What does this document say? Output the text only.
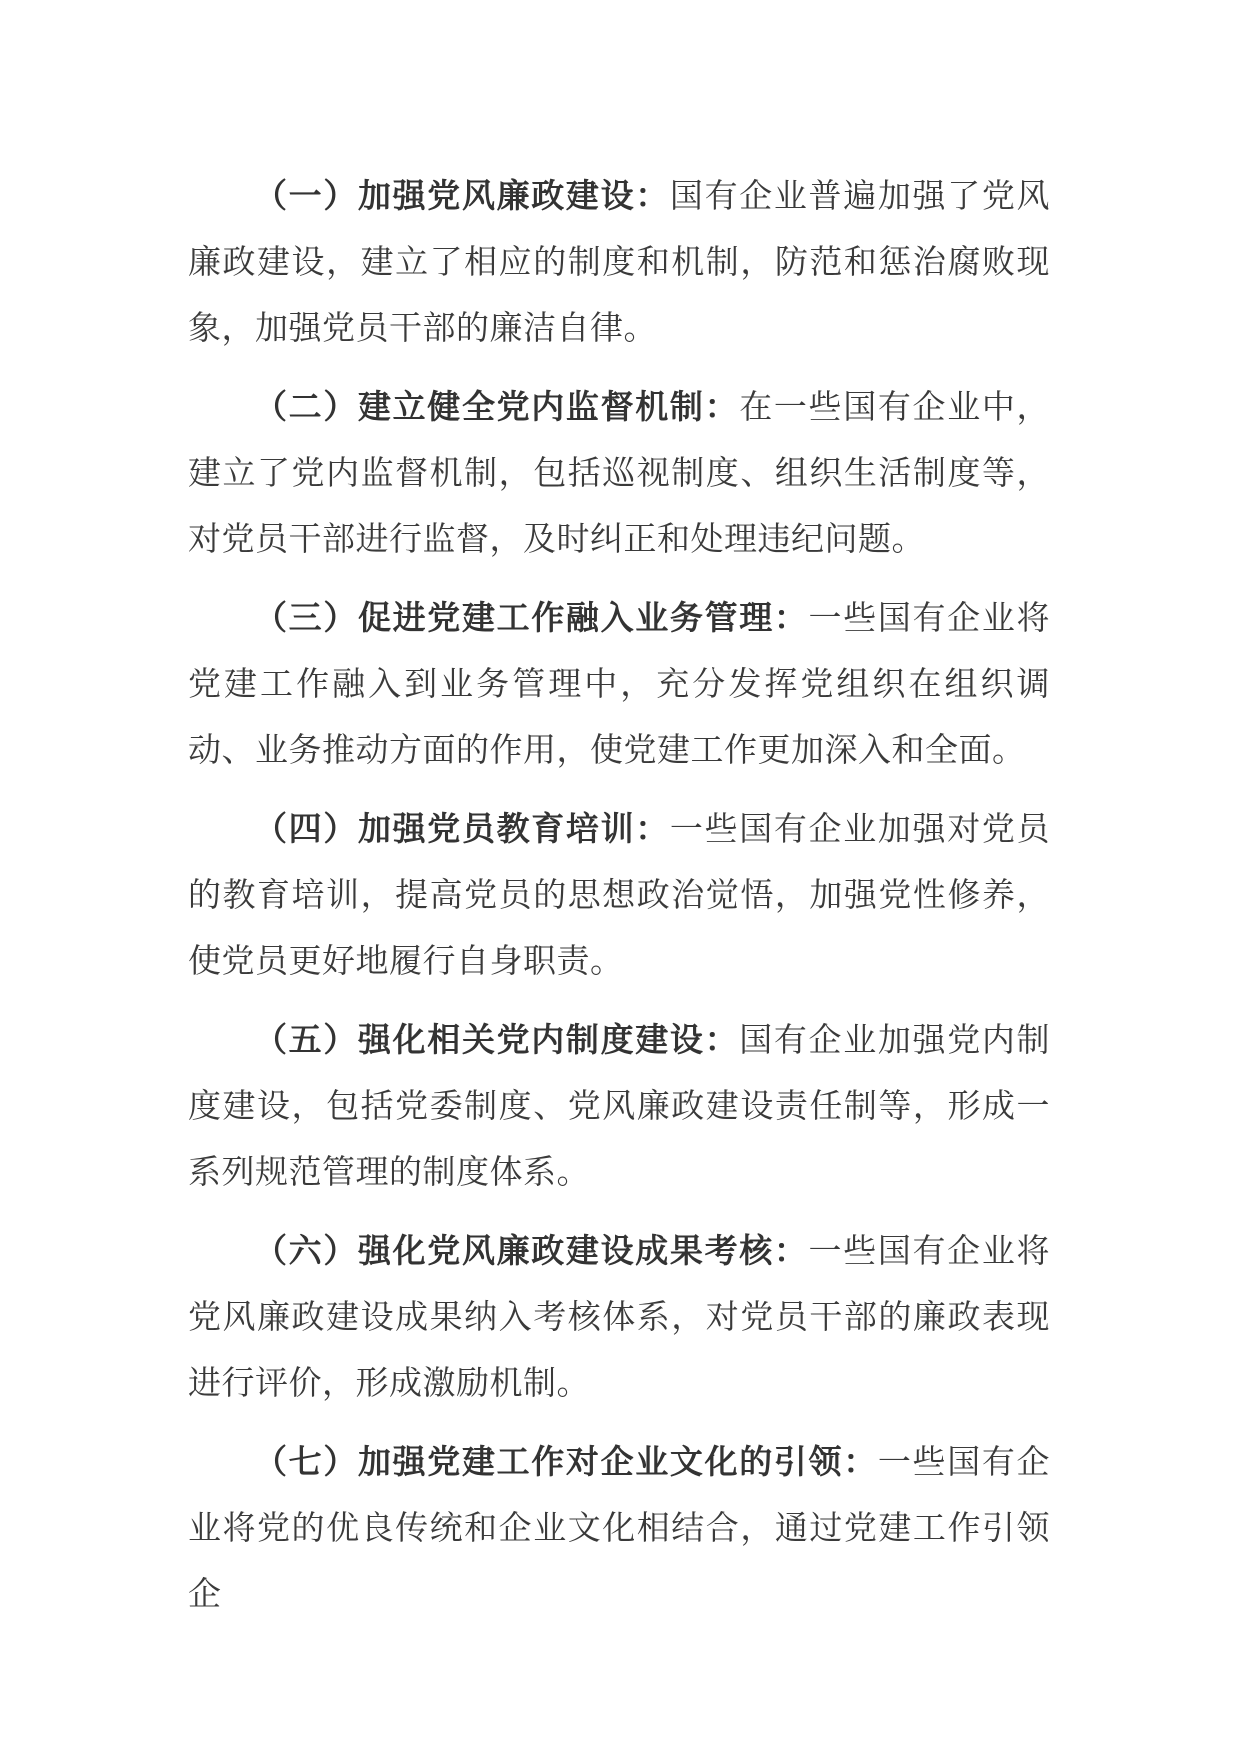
（一）加强党风廉政建设：国有企业普遍加强了党风廉政建设，建立了相应的制度和机制，防范和惩治腐败现象，加强党员干部的廉洁自律。

（二）建立健全党内监督机制：在一些国有企业中，建立了党内监督机制，包括巡视制度、组织生活制度等，对党员干部进行监督，及时纠正和处理违纪问题。

（三）促进党建工作融入业务管理：一些国有企业将党建工作融入到业务管理中，充分发挥党组织在组织调动、业务推动方面的作用，使党建工作更加深入和全面。

（四）加强党员教育培训：一些国有企业加强对党员的教育培训，提高党员的思想政治觉悟，加强党性修养，使党员更好地履行自身职责。

（五）强化相关党内制度建设：国有企业加强党内制度建设，包括党委制度、党风廉政建设责任制等，形成一系列规范管理的制度体系。

（六）强化党风廉政建设成果考核：一些国有企业将党风廉政建设成果纳入考核体系，对党员干部的廉政表现进行评价，形成激励机制。

（七）加强党建工作对企业文化的引领：一些国有企业将党的优良传统和企业文化相结合，通过党建工作引领企
